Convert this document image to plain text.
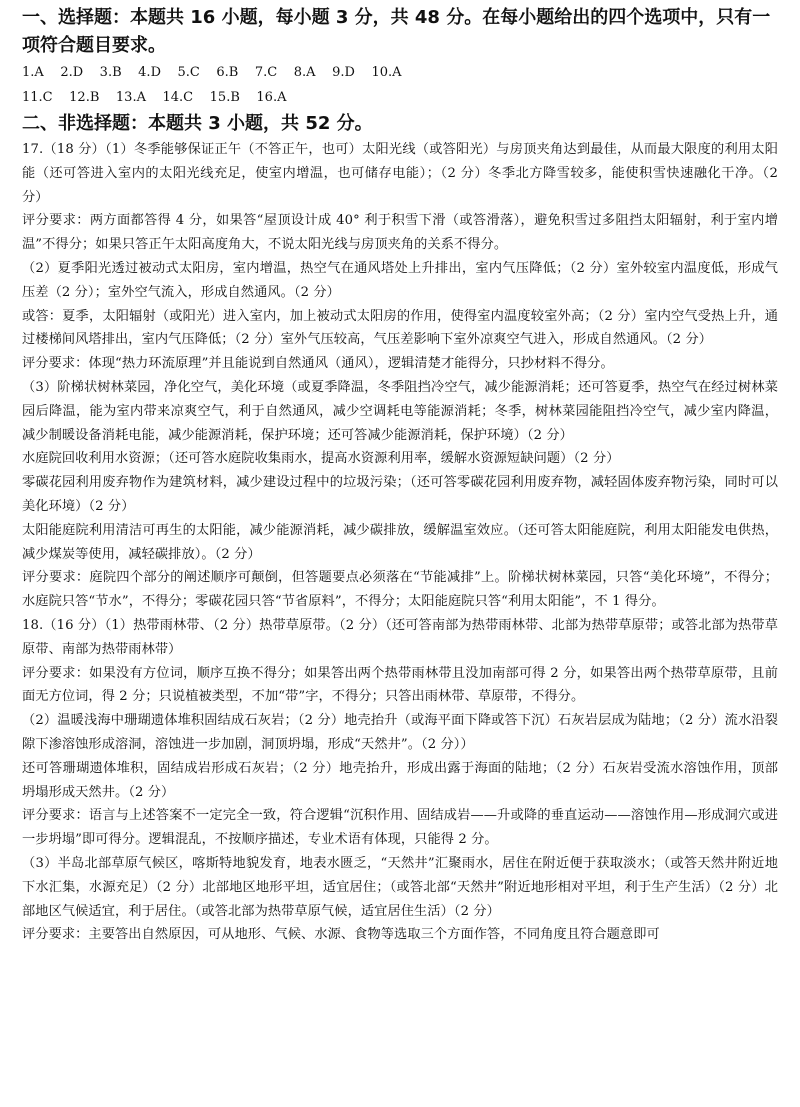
一、选择题：本题共 16 小题，每小题 3 分，共 48 分。在每小题给出的四个选项中，只有一项符合题目要求。

1.A    2.D    3.B    4.D    5.C    6.B    7.C    8.A    9.D    10.A

11.C    12.B    13.A    14.C    15.B    16.A

二、非选择题：本题共 3 小题，共 52 分。

17.（18 分）（1）冬季能够保证正午（不答正午，也可）太阳光线（或答阳光）与房顶夹角达到最佳，从而最大限度的利用太阳能（还可答进入室内的太阳光线充足，使室内增温，也可储存电能）；（2 分）冬季北方降雪较多，能使积雪快速融化干净。（2 分）

评分要求：两方面都答得 4 分，如果答“屋顶设计成 40° 利于积雪下滑（或答滑落），避免积雪过多阻挡太阳辐射，利于室内增温”不得分；如果只答正午太阳高度角大，不说太阳光线与房顶夹角的关系不得分。

（2）夏季阳光透过被动式太阳房，室内增温，热空气在通风塔处上升排出，室内气压降低；（2 分）室外较室内温度低，形成气压差（2 分）；室外空气流入，形成自然通风。（2 分）

或答：夏季，太阳辐射（或阳光）进入室内，加上被动式太阳房的作用，使得室内温度较室外高；（2 分）室内空气受热上升，通过楼梯间风塔排出，室内气压降低；（2 分）室外气压较高，气压差影响下室外凉爽空气进入，形成自然通风。（2 分）

评分要求：体现“热力环流原理”并且能说到自然通风（通风），逻辑清楚才能得分，只抄材料不得分。

（3）阶梯状树林菜园，净化空气，美化环境（或夏季降温，冬季阻挡冷空气，减少能源消耗；还可答夏季，热空气在经过树林菜园后降温，能为室内带来凉爽空气，利于自然通风，减少空调耗电等能源消耗；冬季，树林菜园能阻挡冷空气，减少室内降温，减少制暖设备消耗电能，减少能源消耗，保护环境；还可答减少能源消耗，保护环境）（2 分）

水庭院回收利用水资源；（还可答水庭院收集雨水，提高水资源利用率，缓解水资源短缺问题）（2 分）

零碳花园利用废弃物作为建筑材料，减少建设过程中的垃圾污染；（还可答零碳花园利用废弃物，减轻固体废弃物污染，同时可以美化环境）（2 分）

太阳能庭院利用清洁可再生的太阳能，减少能源消耗，减少碳排放，缓解温室效应。（还可答太阳能庭院，利用太阳能发电供热，减少煤炭等使用，减轻碳排放）。（2 分）

评分要求：庭院四个部分的阐述顺序可颠倒，但答题要点必须落在“节能减排”上。阶梯状树林菜园，只答“美化环境”，不得分；水庭院只答“节水”，不得分；零碳花园只答“节省原料”，不得分；太阳能庭院只答“利用太阳能”，不 1 得分。

18.（16 分）（1）热带雨林带、（2 分）热带草原带。（2 分）（还可答南部为热带雨林带、北部为热带草原带；或答北部为热带草原带、南部为热带雨林带）

评分要求：如果没有方位词，顺序互换不得分；如果答出两个热带雨林带且没加南部可得 2 分，如果答出两个热带草原带，且前面无方位词，得 2 分；只说植被类型，不加“带”字，不得分；只答出雨林带、草原带，不得分。

（2）温暖浅海中珊瑚遗体堆积固结成石灰岩；（2 分）地壳抬升（或海平面下降或答下沉）石灰岩层成为陆地；（2 分）流水沿裂隙下渗溶蚀形成溶洞，溶蚀进一步加剧，洞顶坍塌，形成“天然井”。（2 分））

还可答珊瑚遗体堆积，固结成岩形成石灰岩；（2 分）地壳抬升，形成出露于海面的陆地；（2 分）石灰岩受流水溶蚀作用，顶部坍塌形成天然井。（2 分）

评分要求：语言与上述答案不一定完全一致，符合逻辑“沉积作用、固结成岩——升或降的垂直运动——溶蚀作用—形成洞穴或进一步坍塌”即可得分。逻辑混乱，不按顺序描述，专业术语有体现，只能得 2 分。

（3）半岛北部草原气候区，喀斯特地貌发育，地表水匮乏，“天然井”汇聚雨水，居住在附近便于获取淡水；（或答天然井附近地下水汇集，水源充足）（2 分）北部地区地形平坦，适宜居住；（或答北部“天然井”附近地形相对平坦，利于生产生活）（2 分）北部地区气候适宜，利于居住。（或答北部为热带草原气候，适宜居住生活）（2 分）

评分要求：主要答出自然原因，可从地形、气候、水源、食物等选取三个方面作答，不同角度且符合题意即可
